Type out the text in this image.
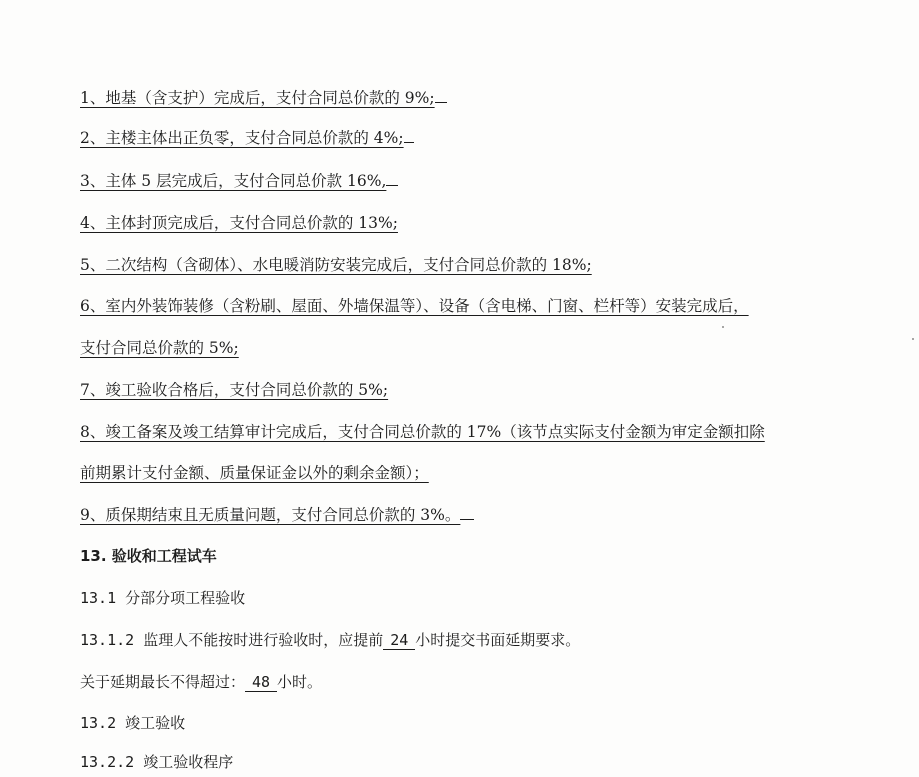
1、地基（含支护）完成后，支付合同总价款的 9%;
2、主楼主体出正负零，支付合同总价款的 4%;
3、主体 5 层完成后，支付合同总价款 16%,
4、主体封顶完成后，支付合同总价款的 13%;
5、二次结构（含砌体）、水电暖消防安装完成后，支付合同总价款的 18%;
6、室内外装饰装修（含粉刷、屋面、外墙保温等）、设备（含电梯、门窗、栏杆等）安装完成后，
支付合同总价款的 5%;
7、竣工验收合格后，支付合同总价款的 5%;
8、竣工备案及竣工结算审计完成后，支付合同总价款的 17%（该节点实际支付金额为审定金额扣除
前期累计支付金额、质量保证金以外的剩余金额）；
9、质保期结束且无质量问题，支付合同总价款的 3%。
13. 验收和工程试车
13.1 分部分项工程验收
13.1.2 监理人不能按时进行验收时，应提前 24 小时提交书面延期要求。
关于延期最长不得超过： 48 小时。
13.2 竣工验收
13.2.2 竣工验收程序
